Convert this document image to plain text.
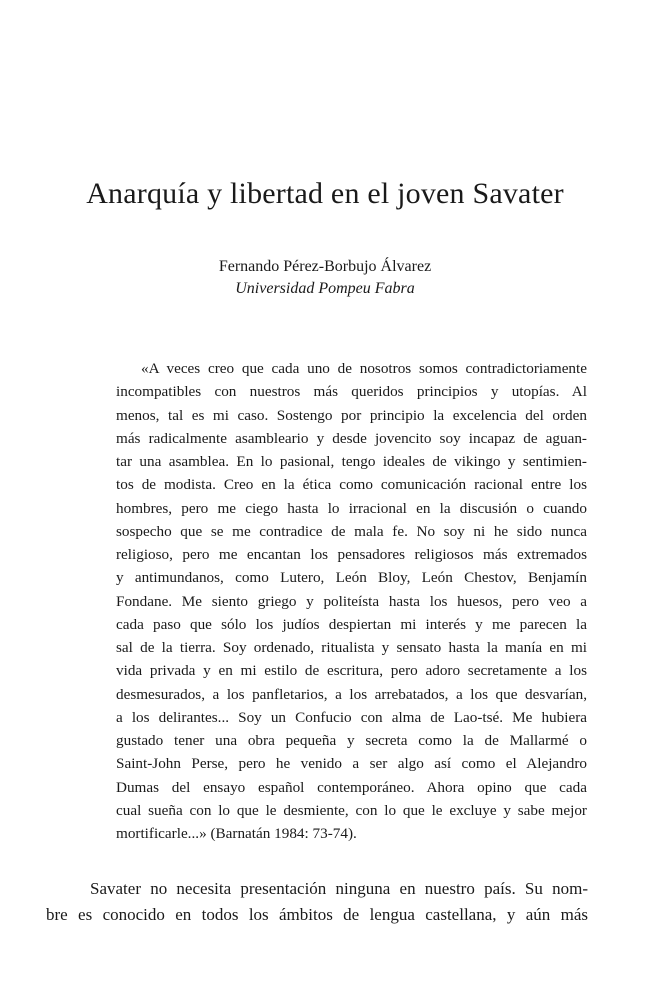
Anarquía y libertad en el joven Savater
Fernando Pérez-Borbujo Álvarez
Universidad Pompeu Fabra
«A veces creo que cada uno de nosotros somos contradictoriamente
incompatibles con nuestros más queridos principios y utopías. Al
menos, tal es mi caso. Sostengo por principio la excelencia del orden
más radicalmente asambleario y desde jovencito soy incapaz de aguan-
tar una asamblea. En lo pasional, tengo ideales de vikingo y sentimien-
tos de modista. Creo en la ética como comunicación racional entre los
hombres, pero me ciego hasta lo irracional en la discusión o cuando
sospecho que se me contradice de mala fe. No soy ni he sido nunca
religioso, pero me encantan los pensadores religiosos más extremados
y antimundanos, como Lutero, León Bloy, León Chestov, Benjamín
Fondane. Me siento griego y politeísta hasta los huesos, pero veo a
cada paso que sólo los judíos despiertan mi interés y me parecen la
sal de la tierra. Soy ordenado, ritualista y sensato hasta la manía en mi
vida privada y en mi estilo de escritura, pero adoro secretamente a los
desmesurados, a los panfletarios, a los arrebatados, a los que desvarían,
a los delirantes... Soy un Confucio con alma de Lao-tsé. Me hubiera
gustado tener una obra pequeña y secreta como la de Mallarmé o
Saint-John Perse, pero he venido a ser algo así como el Alejandro
Dumas del ensayo español contemporáneo. Ahora opino que cada
cual sueña con lo que le desmiente, con lo que le excluye y sabe mejor
mortificarle...» (Barnatán 1984: 73-74).
Savater no necesita presentación ninguna en nuestro país. Su nom-
bre es conocido en todos los ámbitos de lengua castellana, y aún más
